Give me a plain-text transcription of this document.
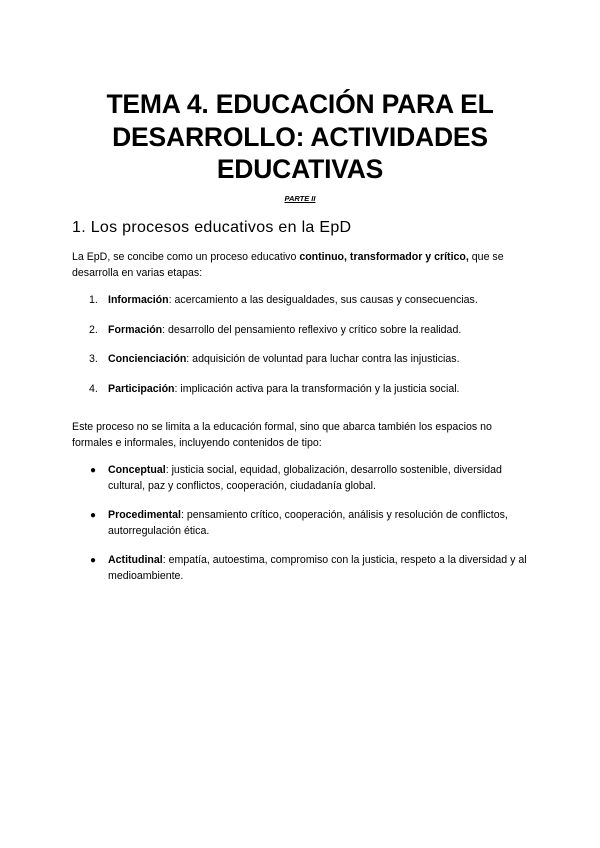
TEMA 4. EDUCACIÓN PARA EL
DESARROLLO: ACTIVIDADES
EDUCATIVAS
PARTE II
1. Los procesos educativos en la EpD

La EpD, se concibe como un proceso educativo continuo, transformador y crítico, que se desarrolla en varias etapas:

1. Información: acercamiento a las desigualdades, sus causas y consecuencias.
2. Formación: desarrollo del pensamiento reflexivo y crítico sobre la realidad.
3. Concienciación: adquisición de voluntad para luchar contra las injusticias.
4. Participación: implicación activa para la transformación y la justicia social.

Este proceso no se limita a la educación formal, sino que abarca también los espacios no formales e informales, incluyendo contenidos de tipo:

● Conceptual: justicia social, equidad, globalización, desarrollo sostenible, diversidad cultural, paz y conflictos, cooperación, ciudadanía global.
● Procedimental: pensamiento crítico, cooperación, análisis y resolución de conflictos, autorregulación ética.
● Actitudinal: empatía, autoestima, compromiso con la justicia, respeto a la diversidad y al medioambiente.
